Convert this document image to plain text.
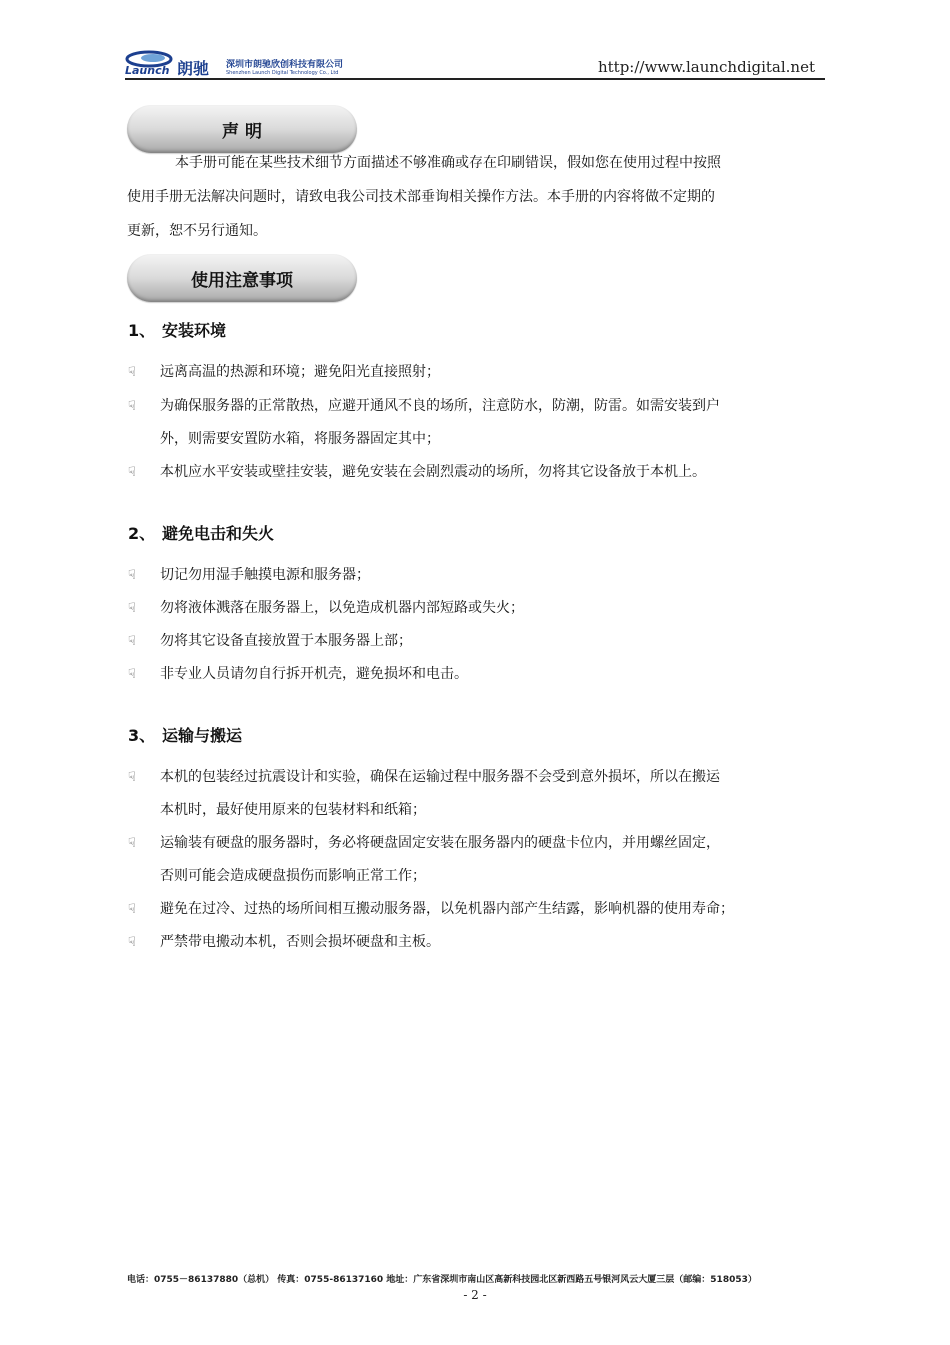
Launch 朗驰 深圳市朗驰欣创科技有限公司
Shenzhen Launch Digital Technology Co., Ltd	http://www.launchdigital.net
声 明
本手册可能在某些技术细节方面描述不够准确或存在印刷错误，假如您在使用过程中按照
使用手册无法解决问题时，请致电我公司技术部垂询相关操作方法。本手册的内容将做不定期的
更新，恕不另行通知。
使用注意事项
1、 安装环境
☟	远离高温的热源和环境；避免阳光直接照射；
☟	为确保服务器的正常散热，应避开通风不良的场所，注意防水，防潮，防雷。如需安装到户
外，则需要安置防水箱，将服务器固定其中；
☟	本机应水平安装或壁挂安装，避免安装在会剧烈震动的场所，勿将其它设备放于本机上。
2、 避免电击和失火
☟	切记勿用湿手触摸电源和服务器；
☟	勿将液体溅落在服务器上，以免造成机器内部短路或失火；
☟	勿将其它设备直接放置于本服务器上部；
☟	非专业人员请勿自行拆开机壳，避免损坏和电击。
3、 运输与搬运
☟	本机的包装经过抗震设计和实验，确保在运输过程中服务器不会受到意外损坏，所以在搬运
本机时，最好使用原来的包装材料和纸箱；
☟	运输装有硬盘的服务器时，务必将硬盘固定安装在服务器内的硬盘卡位内，并用螺丝固定，
否则可能会造成硬盘损伤而影响正常工作；
☟	避免在过冷、过热的场所间相互搬动服务器，以免机器内部产生结露，影响机器的使用寿命；
☟	严禁带电搬动本机，否则会损坏硬盘和主板。
电话：0755－86137880（总机） 传真：0755-86137160 地址：广东省深圳市南山区高新科技园北区新西路五号银河风云大厦三层（邮编：518053）
- 2 -
